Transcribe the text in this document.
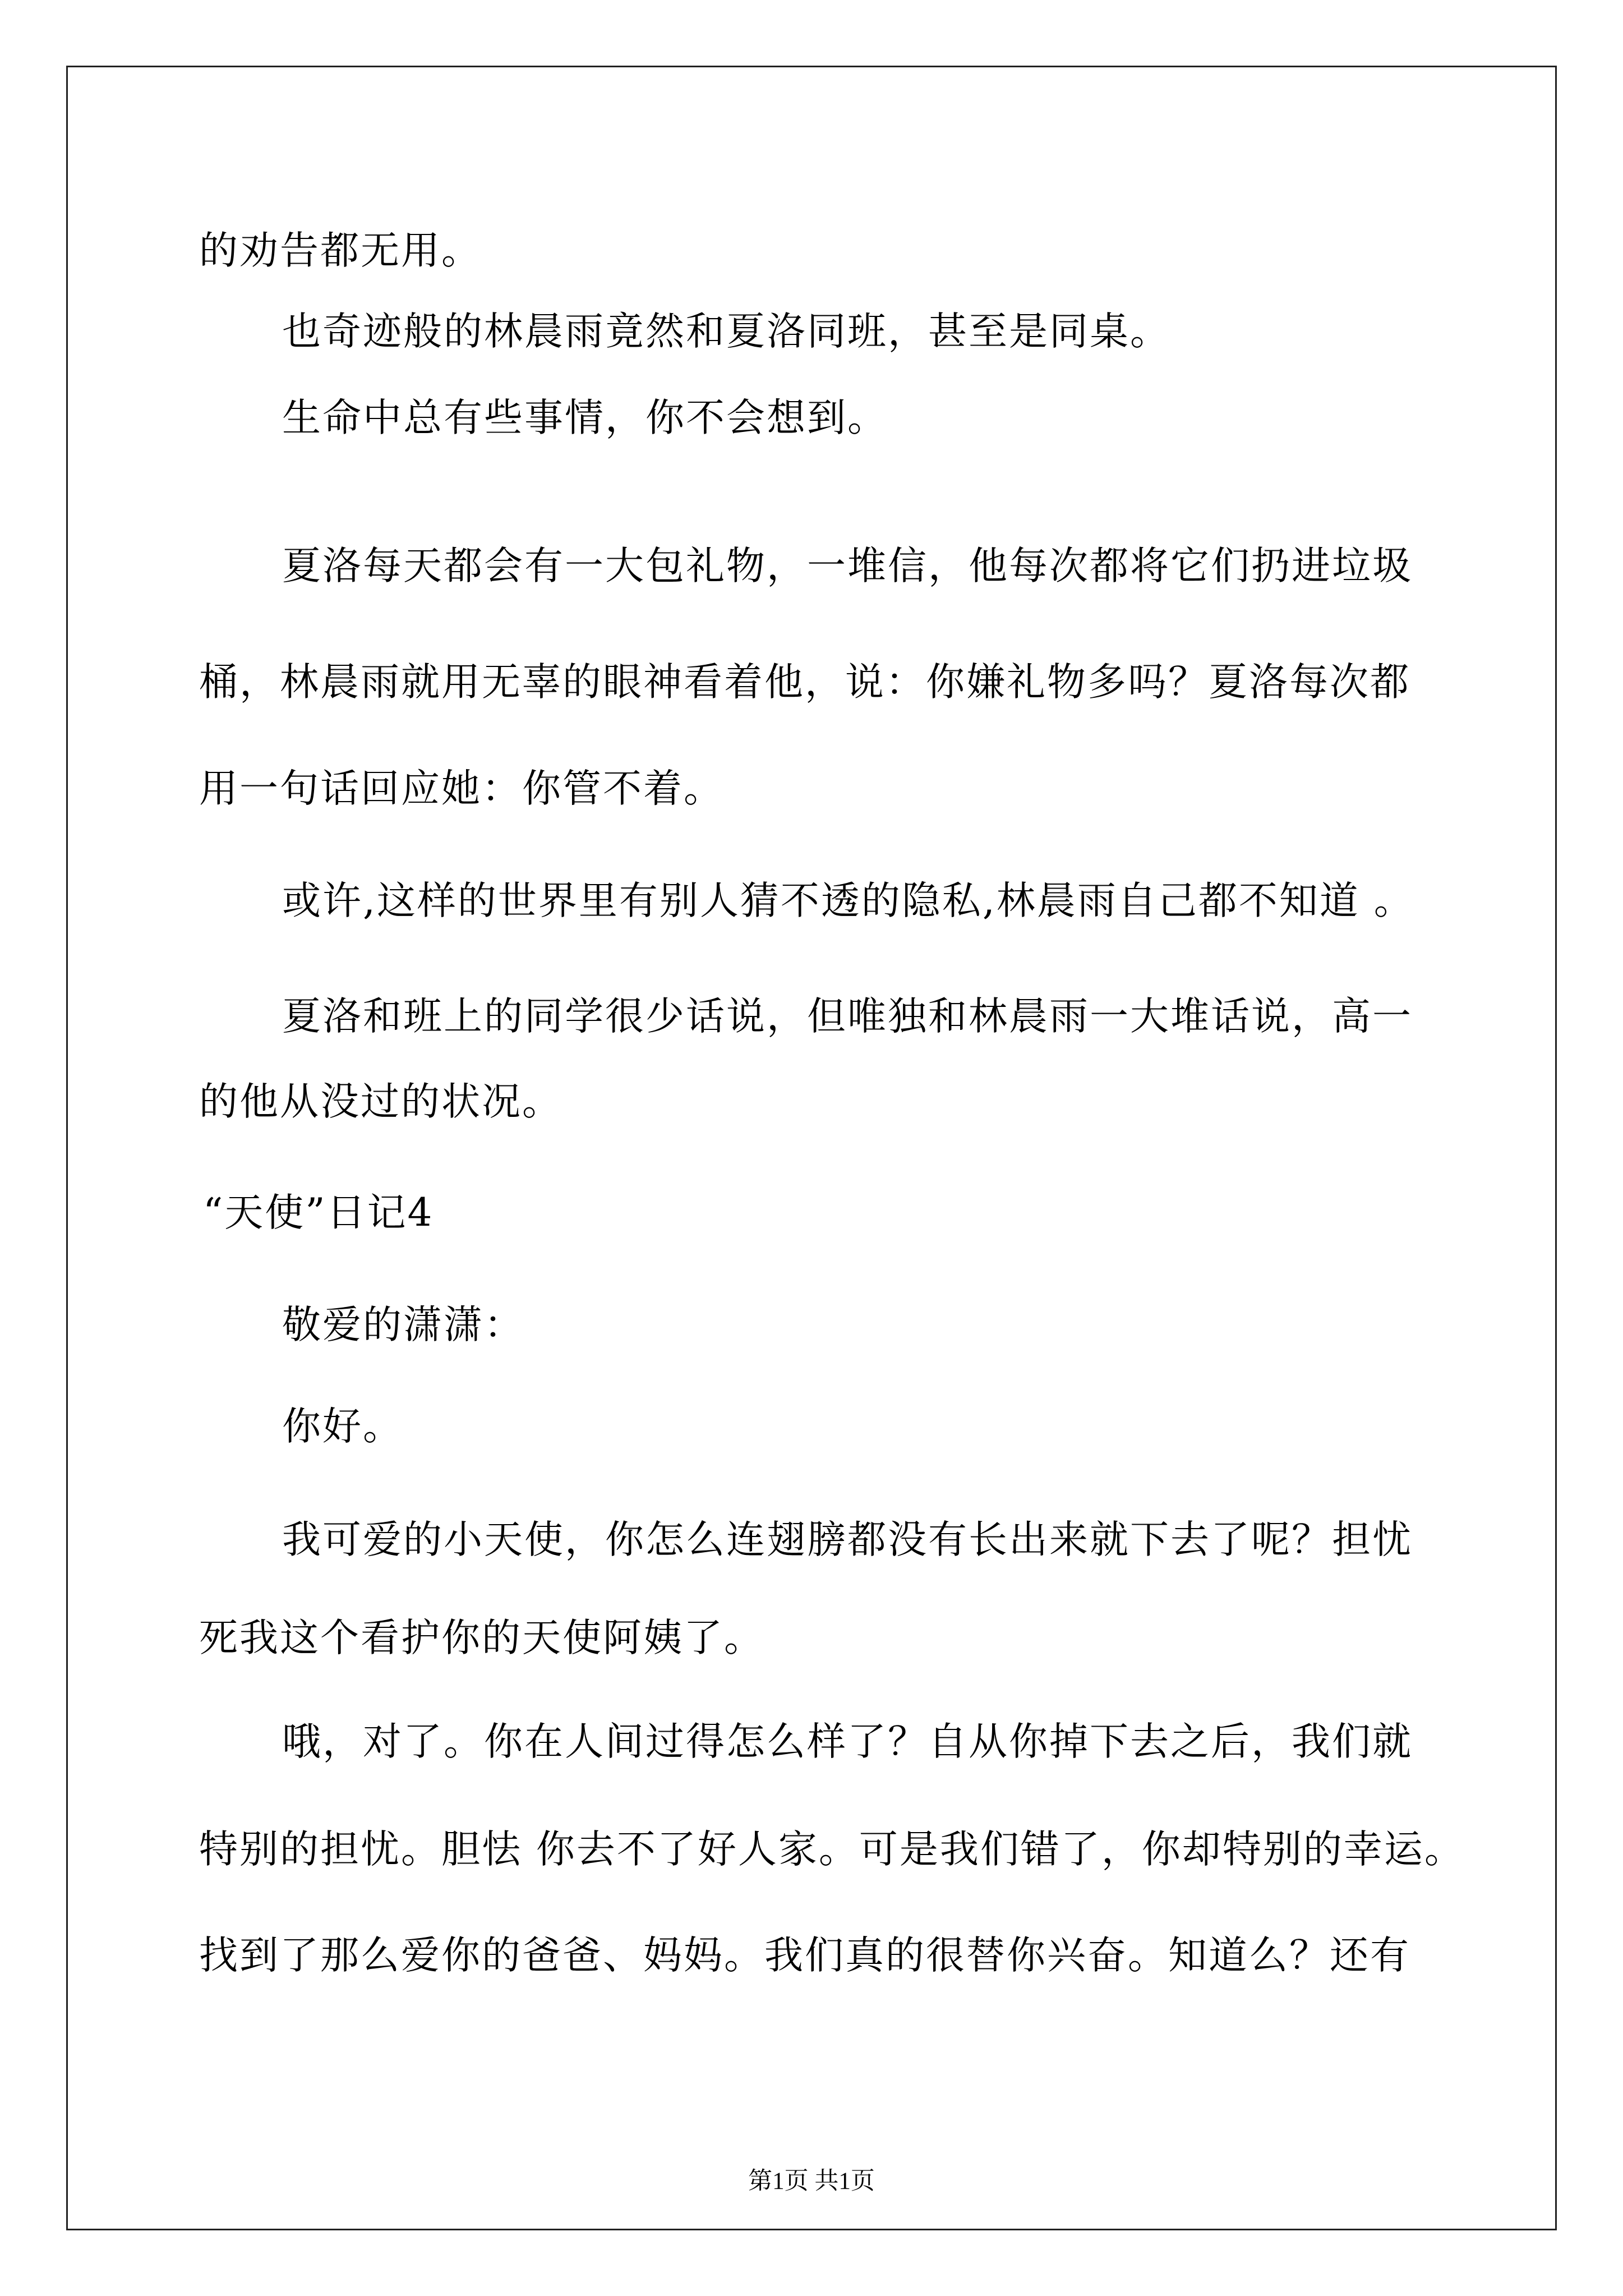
的劝告都无用。
也奇迹般的林晨雨竟然和夏洛同班，甚至是同桌。
生命中总有些事情，你不会想到。
夏洛每天都会有一大包礼物，一堆信，他每次都将它们扔进垃圾
桶，林晨雨就用无辜的眼神看着他，说：你嫌礼物多吗？夏洛每次都
用一句话回应她：你管不着。
或许,这样的世界里有别人猜不透的隐私,林晨雨自己都不知道 。
夏洛和班上的同学很少话说，但唯独和林晨雨一大堆话说，高一
的他从没过的状况。
“天使”日记4
敬爱的潇潇：
你好。
我可爱的小天使，你怎么连翅膀都没有长出来就下去了呢？担忧
死我这个看护你的天使阿姨了。
哦，对了。你在人间过得怎么样了？自从你掉下去之后，我们就
特别的担忧。胆怯 你去不了好人家。可是我们错了，你却特别的幸运。
找到了那么爱你的爸爸、妈妈。我们真的很替你兴奋。知道么？还有
第1页 共1页
